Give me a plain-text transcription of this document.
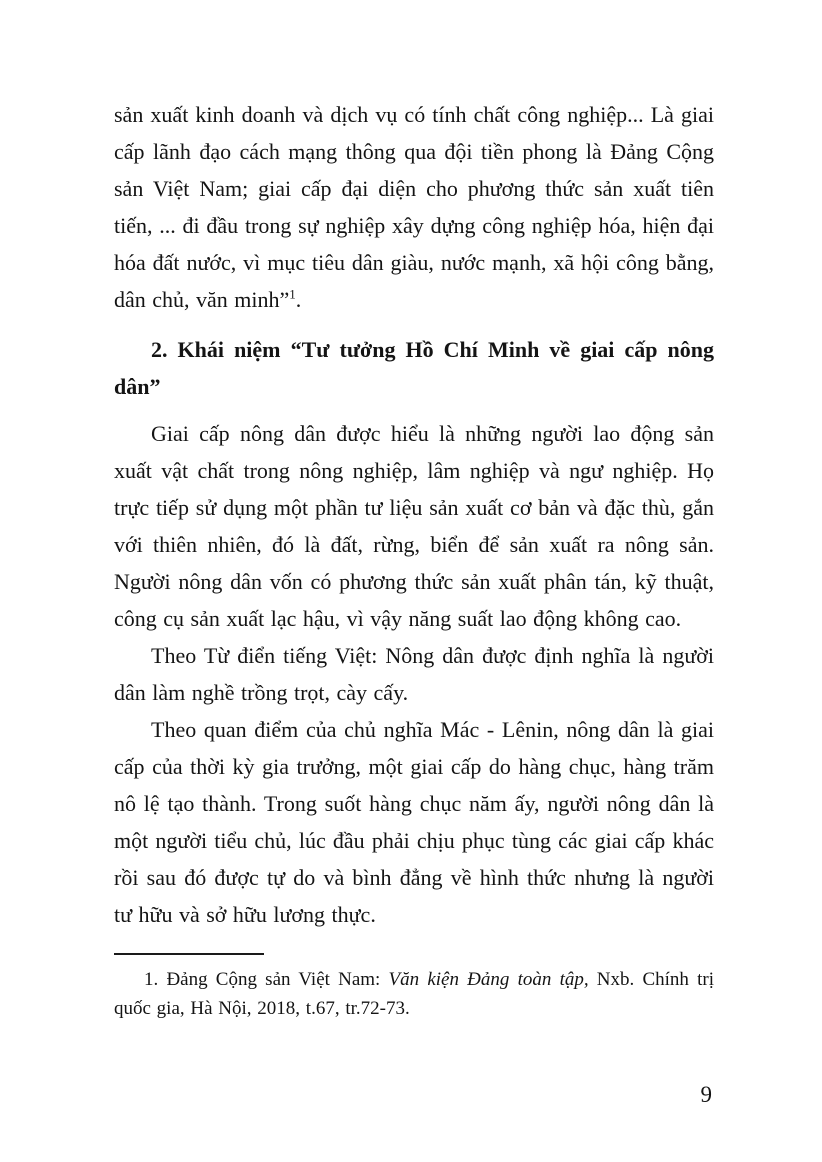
sản xuất kinh doanh và dịch vụ có tính chất công nghiệp... Là giai cấp lãnh đạo cách mạng thông qua đội tiền phong là Đảng Cộng sản Việt Nam; giai cấp đại diện cho phương thức sản xuất tiên tiến, ... đi đầu trong sự nghiệp xây dựng công nghiệp hóa, hiện đại hóa đất nước, vì mục tiêu dân giàu, nước mạnh, xã hội công bằng, dân chủ, văn minh”$^1$.

2. Khái niệm “Tư tưởng Hồ Chí Minh về giai cấp nông dân”

Giai cấp nông dân được hiểu là những người lao động sản xuất vật chất trong nông nghiệp, lâm nghiệp và ngư nghiệp. Họ trực tiếp sử dụng một phần tư liệu sản xuất cơ bản và đặc thù, gắn với thiên nhiên, đó là đất, rừng, biển để sản xuất ra nông sản. Người nông dân vốn có phương thức sản xuất phân tán, kỹ thuật, công cụ sản xuất lạc hậu, vì vậy năng suất lao động không cao.

Theo Từ điển tiếng Việt: Nông dân được định nghĩa là người dân làm nghề trồng trọt, cày cấy.

Theo quan điểm của chủ nghĩa Mác - Lênin, nông dân là giai cấp của thời kỳ gia trưởng, một giai cấp do hàng chục, hàng trăm nô lệ tạo thành. Trong suốt hàng chục năm ấy, người nông dân là một người tiểu chủ, lúc đầu phải chịu phục tùng các giai cấp khác rồi sau đó được tự do và bình đẳng về hình thức nhưng là người tư hữu và sở hữu lương thực.

1. Đảng Cộng sản Việt Nam: Văn kiện Đảng toàn tập, Nxb. Chính trị quốc gia, Hà Nội, 2018, t.67, tr.72-73.

9
